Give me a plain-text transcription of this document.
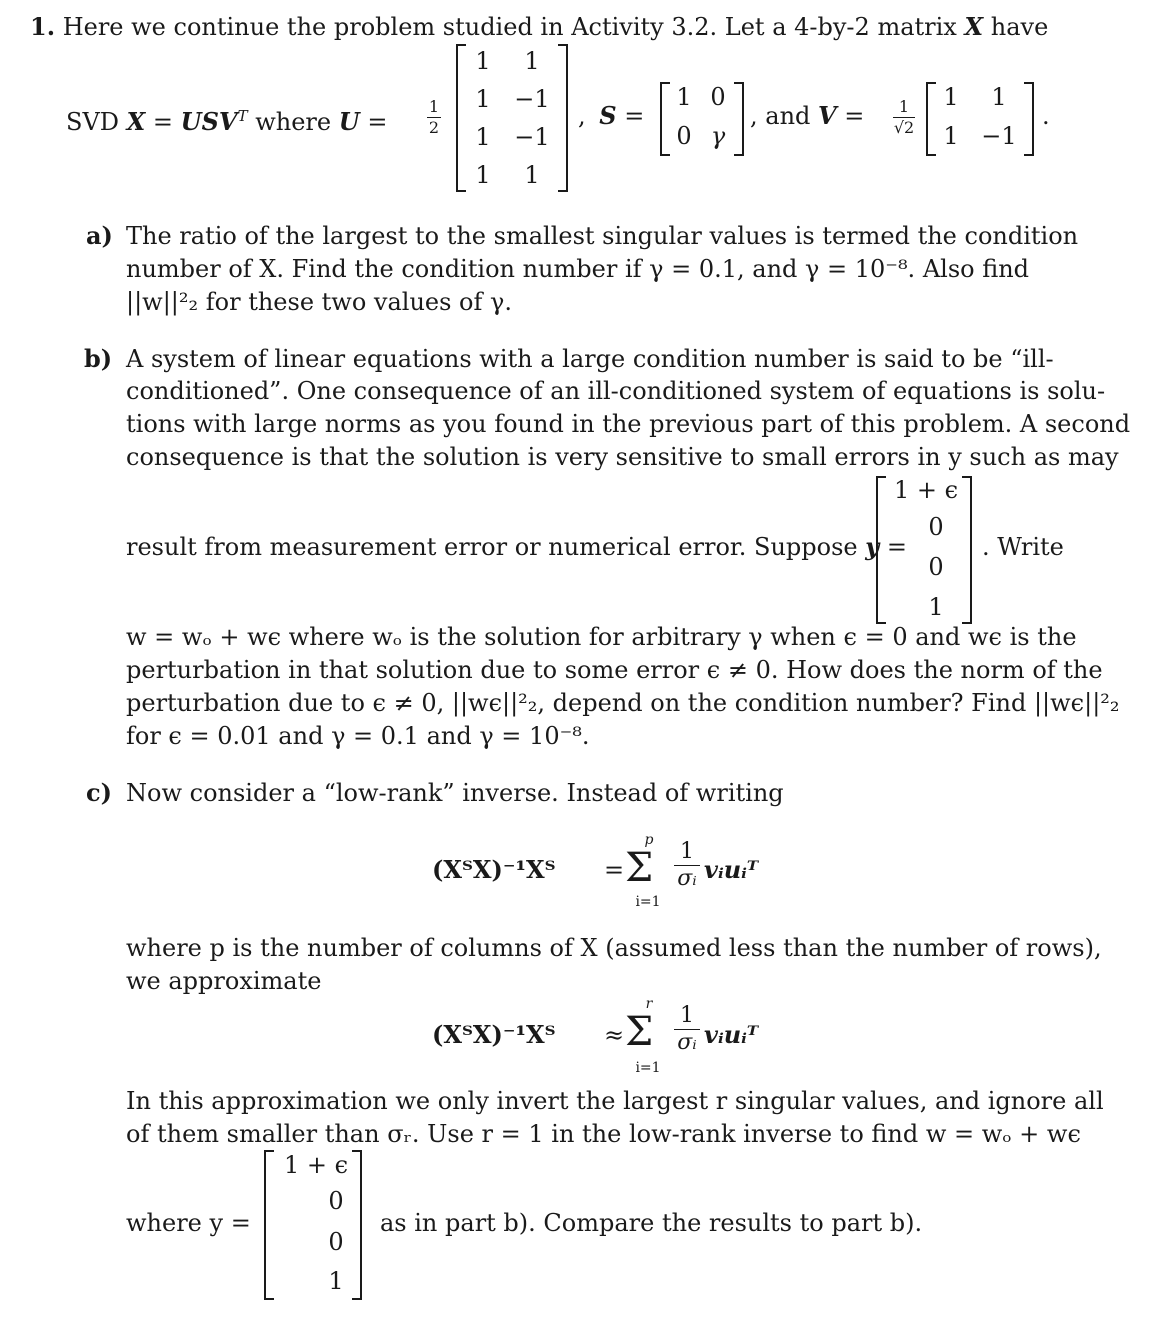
1. Here we continue the problem studied in Activity 3.2. Let a 4-by-2 matrix X have
SVD $X = USV^T$ where U =
1
2
1	1
1 −1
1 −1
1	1
, S =
1 0
0 γ
, and V =	1
√2
1	1
1 −1
.
a) The ratio of the largest to the smallest singular values is termed the condition
number of X. Find the condition number if γ = 0.1, and γ = 10⁻⁸. Also find
||w||²₂ for these two values of γ.
b) A system of linear equations with a large condition number is said to be “ill-
conditioned”. One consequence of an ill-conditioned system of equations is solu-
tions with large norms as you found in the previous part of this problem. A second
consequence is that the solution is very sensitive to small errors in y such as may
result from measurement error or numerical error. Suppose y =
1 + ϵ
0
0
1
. Write
w = wₒ + wϵ where wₒ is the solution for arbitrary γ when ϵ = 0 and wϵ is the
perturbation in that solution due to some error ϵ ≠ 0. How does the norm of the
perturbation due to ϵ ≠ 0, ||wϵ||²₂, depend on the condition number? Find ||wϵ||²₂
for ϵ = 0.01 and γ = 0.1 and γ = 10⁻⁸.
c) Now consider a “low-rank” inverse. Instead of writing
(XᵀX)⁻¹Xᵀ =
p
Σ
i=1
1
σᵢ vᵢuᵢᵀ
where p is the number of columns of X (assumed less than the number of rows),
we approximate
(XᵀX)⁻¹Xᵀ ≈
r
Σ
i=1
1
σᵢ vᵢuᵢᵀ
In this approximation we only invert the largest r singular values, and ignore all
of them smaller than σᵣ. Use r = 1 in the low-rank inverse to find w = wₒ + wϵ
where y =
1 + ϵ
0
0
1
as in part b). Compare the results to part b).
